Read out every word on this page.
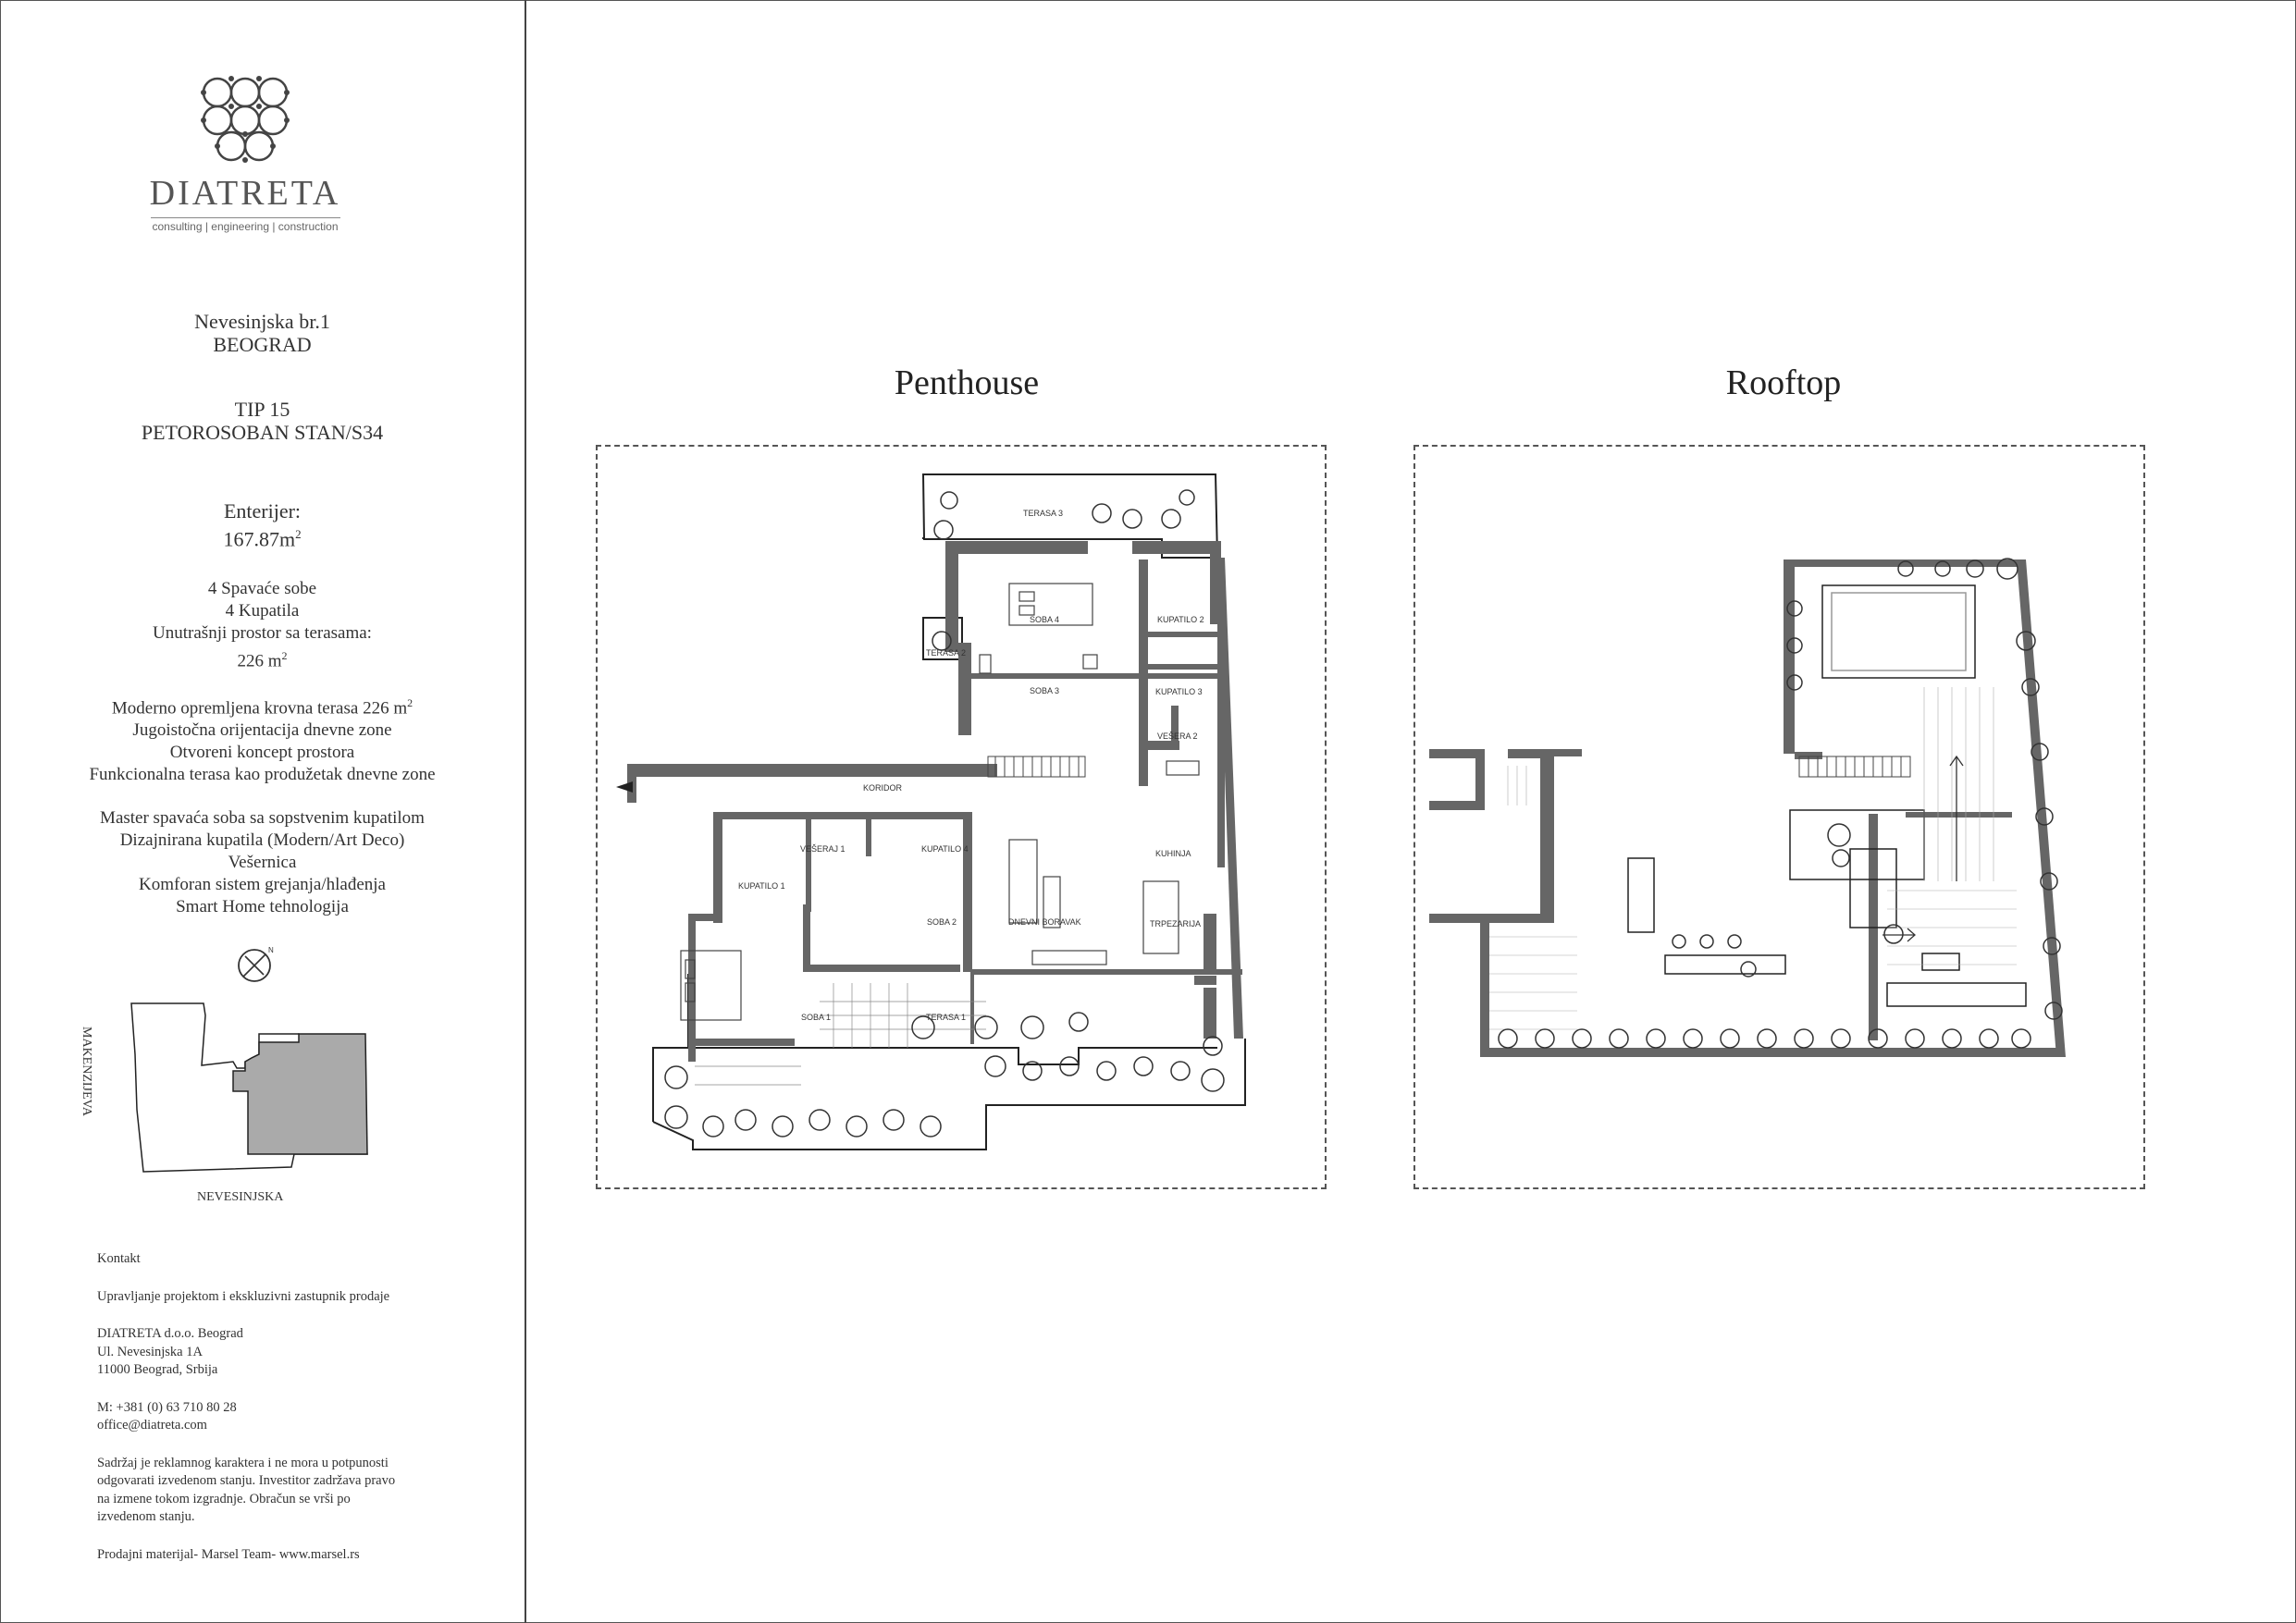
DIATRETA
consulting | engineering | construction
Nevesinjska br.1
BEOGRAD
TIP 15
PETOROSOBAN STAN/S34
Enterijer:
$167.87m^2$
4 Spavaće sobe
4 Kupatila
Unutrašnji prostor sa terasama:
226 $m^2$
Moderno opremljena krovna terasa 226 $m^2$
Jugoistočna orijentacija dnevne zone
Otvoreni koncept prostora
Funkcionalna terasa kao produžetak dnevne zone
Master spavaća soba sa sopstvenim kupatilom
Dizajnirana kupatila (Modern/Art Deco)
Vešernica
Komforan sistem grejanja/hlađenja
Smart Home tehnologija
N
MAKENZIJEVA
NEVESINJSKA

Kontakt

Upravljanje projektom i ekskluzivni zastupnik prodaje

DIATRETA d.o.o. Beograd
Ul. Nevesinjska 1A
11000 Beograd, Srbija

M: +381 (0) 63 710 80 28
office@diatreta.com

Sadržaj je reklamnog karaktera i ne mora u potpunosti
odgovarati izvedenom stanju. Investitor zadržava pravo
na izmene tokom izgradnje. Obračun se vrši po
izvedenom stanju.

Prodajni materijal- Marsel Team- www.marsel.rs

Penthouse
TERASA 3
SOBA 4	KUPATILO 2
TERASA 2
SOBA 3	KUPATILO 3
VEŠERA 2
KORIDOR
VEŠERAJ 1	KUPATILO 4
KUPATILO 1
SOBA 2	DNEVNI BORAVAK
KUHINJA
TRPEZARIJA
SOBA 1	TERASA 1
Rooftop
